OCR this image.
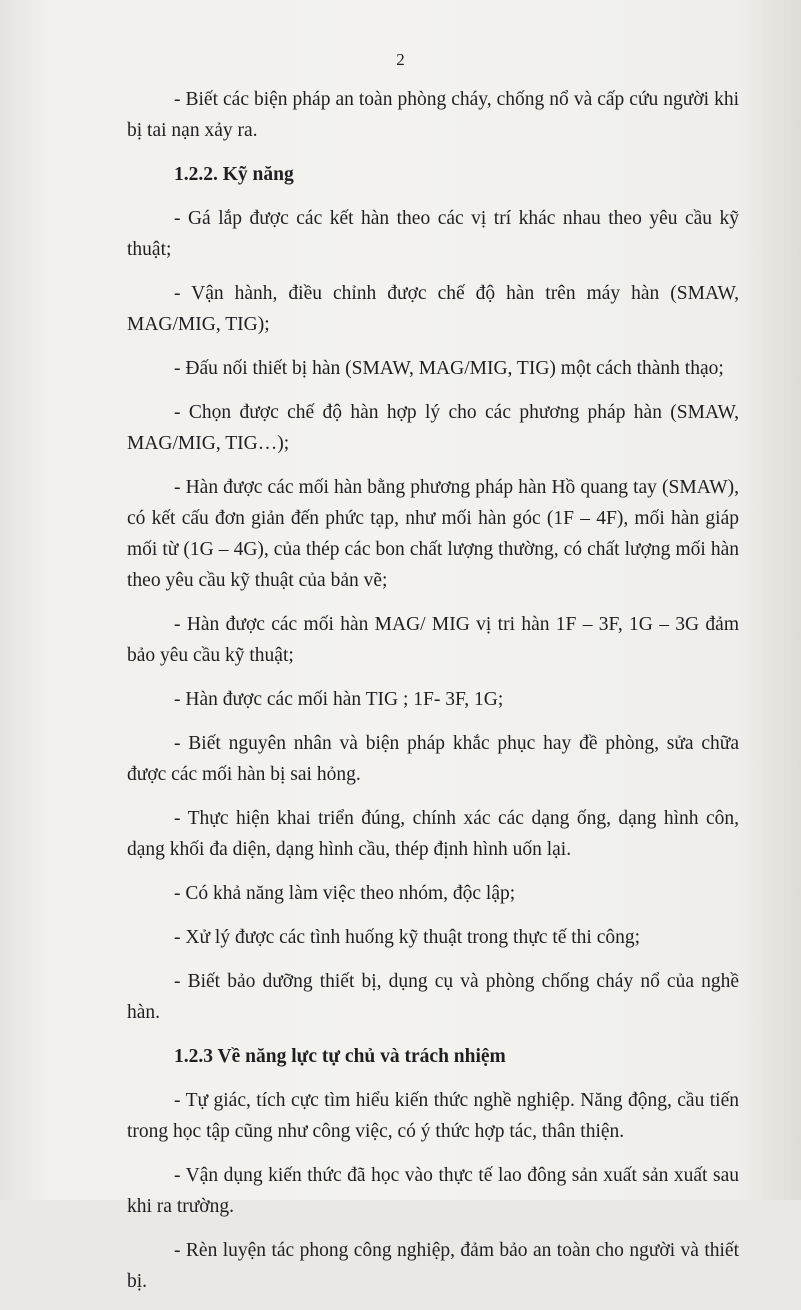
2

- Biết các biện pháp an toàn phòng cháy, chống nổ và cấp cứu người khi bị tai nạn xảy ra.

1.2.2. Kỹ năng

- Gá lắp được các kết hàn theo các vị trí khác nhau theo yêu cầu kỹ thuật;

- Vận hành, điều chỉnh được chế độ hàn trên máy hàn (SMAW, MAG/MIG, TIG);

- Đấu nối thiết bị hàn (SMAW, MAG/MIG, TIG) một cách thành thạo;

- Chọn được chế độ hàn hợp lý cho các phương pháp hàn (SMAW, MAG/MIG, TIG…);

- Hàn được các mối hàn bằng phương pháp hàn Hồ quang tay (SMAW), có kết cấu đơn giản đến phức tạp, như mối hàn góc (1F – 4F), mối hàn giáp mối từ (1G – 4G), của thép các bon chất lượng thường, có chất lượng mối hàn theo yêu cầu kỹ thuật của bản vẽ;

- Hàn được các mối hàn MAG/ MIG vị tri hàn 1F – 3F, 1G – 3G đảm bảo yêu cầu kỹ thuật;

- Hàn được các mối hàn TIG ; 1F- 3F, 1G;

- Biết nguyên nhân và biện pháp khắc phục hay đề phòng, sửa chữa được các mối hàn bị sai hỏng.

- Thực hiện khai triển đúng, chính xác các dạng ống, dạng hình côn, dạng khối đa diện, dạng hình cầu, thép định hình uốn lại.

- Có khả năng làm việc theo nhóm, độc lập;

- Xử lý được các tình huống kỹ thuật trong thực tế thi công;

- Biết bảo dưỡng thiết bị, dụng cụ và phòng chống cháy nổ của nghề hàn.

1.2.3 Về năng lực tự chủ và trách nhiệm

- Tự giác, tích cực tìm hiểu kiến thức nghề nghiệp. Năng động, cầu tiến trong học tập cũng như công việc, có ý thức hợp tác, thân thiện.

- Vận dụng kiến thức đã học vào thực tế lao đông sản xuất sản xuất sau khi ra trường.

- Rèn luyện tác phong công nghiệp, đảm bảo an toàn cho người và thiết bị.
